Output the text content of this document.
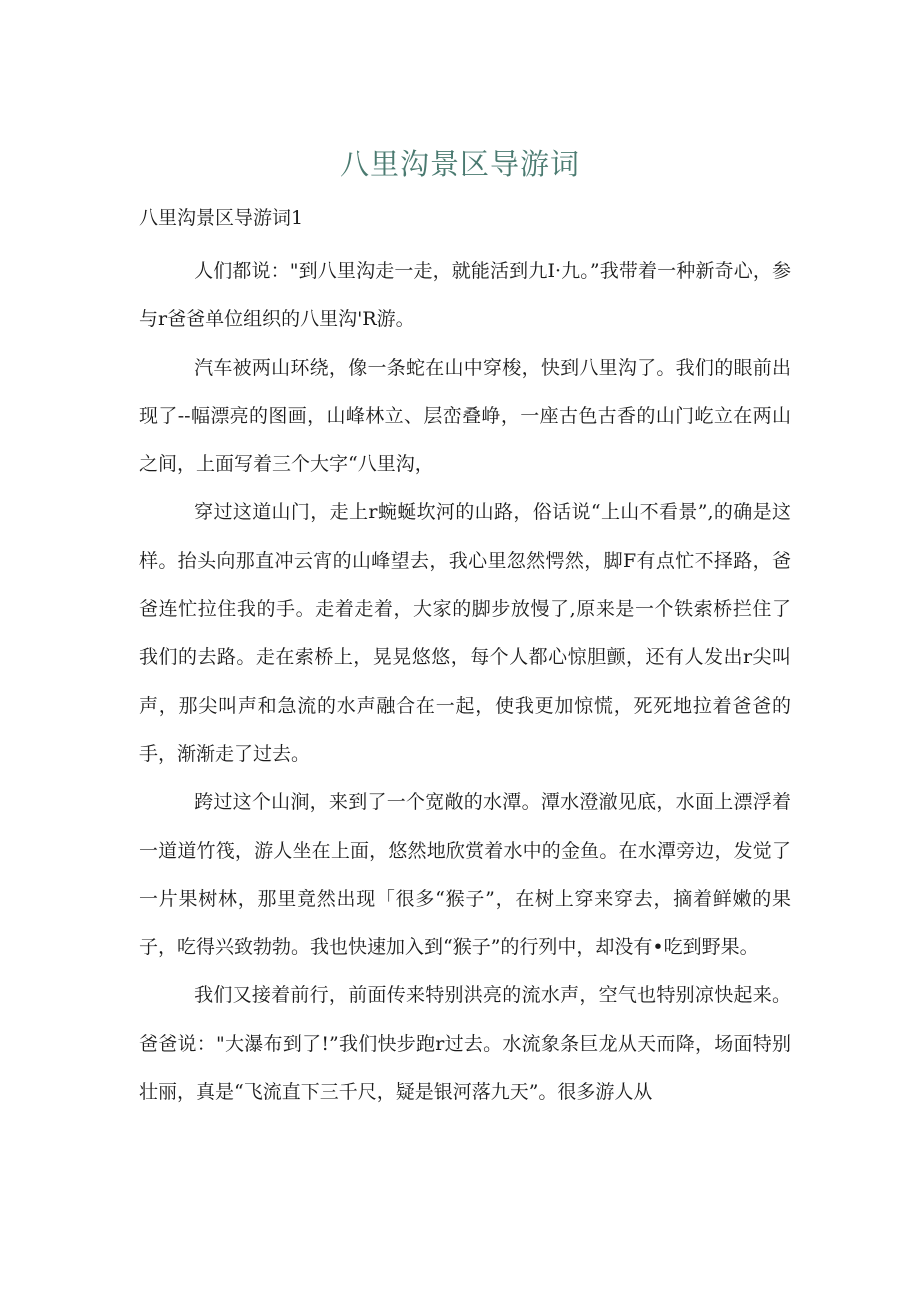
八里沟景区导游词
八里沟景区导游词1

人们都说："到八里沟走一走，就能活到九I·九。”我带着一种新奇心，参与r爸爸单位组织的八里沟'R游。

汽车被两山环绕，像一条蛇在山中穿梭，快到八里沟了。我们的眼前出现了--幅漂亮的图画，山峰林立、层峦叠峥，一座古色古香的山门屹立在两山之间，上面写着三个大字“八里沟，

穿过这道山门，走上r蜿蜒坎河的山路，俗话说“上山不看景”,的确是这样。抬头向那直冲云宵的山峰望去，我心里忽然愕然，脚F有点忙不择路，爸爸连忙拉住我的手。走着走着，大家的脚步放慢了,原来是一个铁索桥拦住了我们的去路。走在索桥上，晃晃悠悠，每个人都心惊胆颤，还有人发出r尖叫声，那尖叫声和急流的水声融合在一起，使我更加惊慌，死死地拉着爸爸的手，渐渐走了过去。

跨过这个山涧，来到了一个宽敞的水潭。潭水澄澈见底，水面上漂浮着一道道竹筏，游人坐在上面，悠然地欣赏着水中的金鱼。在水潭旁边，发觉了一片果树林，那里竟然出现「很多“猴子”，在树上穿来穿去，摘着鲜嫩的果子，吃得兴致勃勃。我也快速加入到“猴子”的行列中，却没有•吃到野果。

我们又接着前行，前面传来特别洪亮的流水声，空气也特别凉快起来。爸爸说："大瀑布到了!”我们快步跑r过去。水流象条巨龙从天而降，场面特别壮丽，真是“飞流直下三千尺，疑是银河落九天”。很多游人从
